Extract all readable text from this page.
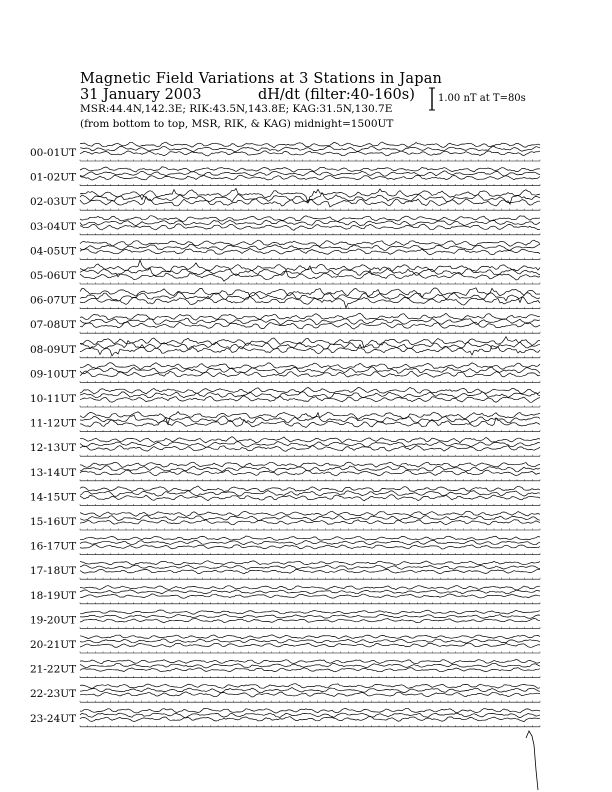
Magnetic Field Variations at 3 Stations in Japan
31 January 2003	dH/dt (filter:40-160s)
MSR:44.4N,142.3E; RIK:43.5N,143.8E; KAG:31.5N,130.7E
(from bottom to top, MSR, RIK, & KAG) midnight=1500UT
1.00 nT at T=80s
00-01UT
01-02UT
02-03UT
03-04UT
04-05UT
05-06UT
06-07UT
07-08UT
08-09UT
09-10UT
10-11UT
11-12UT
12-13UT
13-14UT
14-15UT
15-16UT
16-17UT
17-18UT
18-19UT
19-20UT
20-21UT
21-22UT
22-23UT
23-24UT
